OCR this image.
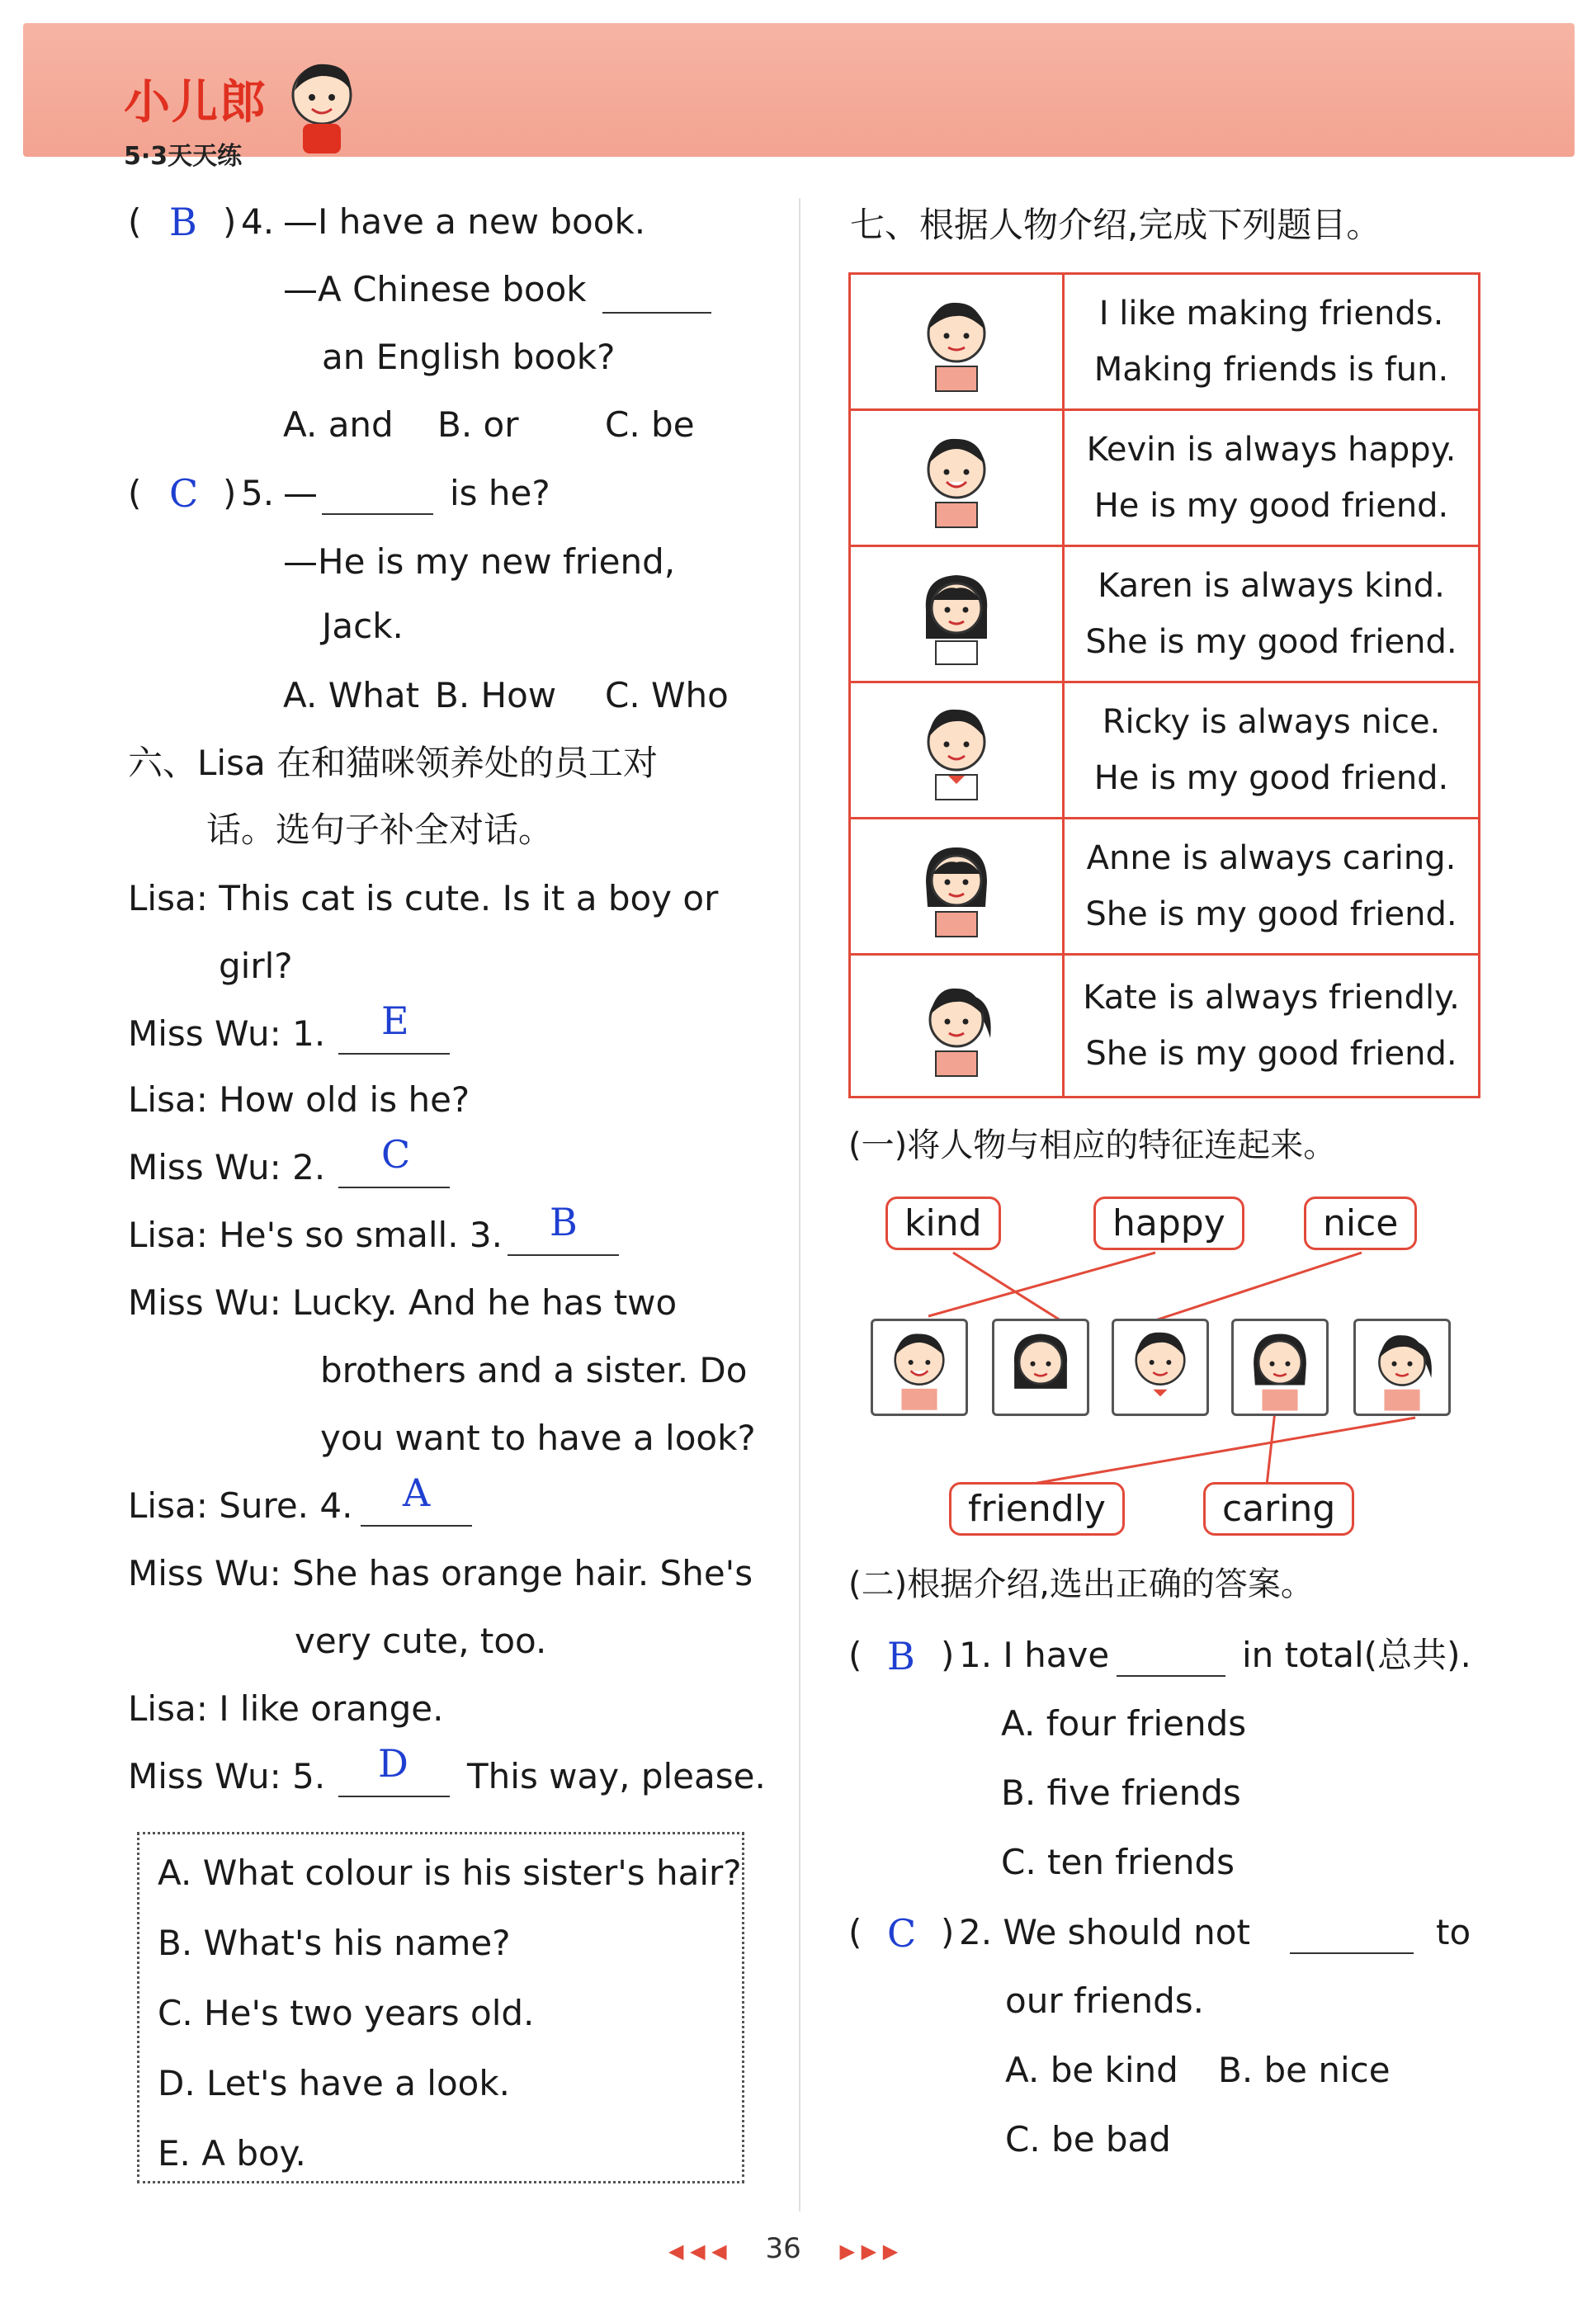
小儿郎
5·3天天练
( B ) 4. —I have a new book.
—A Chinese book
an English book?
A. and B. or C. be
( C ) 5. —	is he?
—He is my new friend,
Jack.
A. What B. How C. Who
六、Lisa 在和猫咪领养处的员工对
话。选句子补全对话。
Lisa: This cat is cute. Is it a boy or
girl?
Miss Wu: 1. E
Lisa: How old is he?
Miss Wu: 2. C
Lisa: He's so small. 3. B
Miss Wu: Lucky. And he has two
brothers and a sister. Do
you want to have a look?
Lisa: Sure. 4. A
Miss Wu: She has orange hair. She's
very cute, too.
Lisa: I like orange.
Miss Wu: 5. D This way, please.
A. What colour is his sister's hair?
B. What's his name?
C. He's two years old.
D. Let's have a look.
E. A boy.
七、根据人物介绍,完成下列题目。
I like making friends.
Making friends is fun.
Kevin is always happy.
He is my good friend.
Karen is always kind.
She is my good friend.
Ricky is always nice.
He is my good friend.
Anne is always caring.
She is my good friend.
Kate is always friendly.
She is my good friend.
(一)将人物与相应的特征连起来。
kind	happy	nice
friendly	caring
(二)根据介绍,选出正确的答案。
( B ) 1. I have	in total(总共).
A. four friends
B. five friends
C. ten friends
( C ) 2. We should not	to
our friends.
A. be kind B. be nice
C. be bad
◀ ◀ ◀ 36 ▶ ▶ ▶
